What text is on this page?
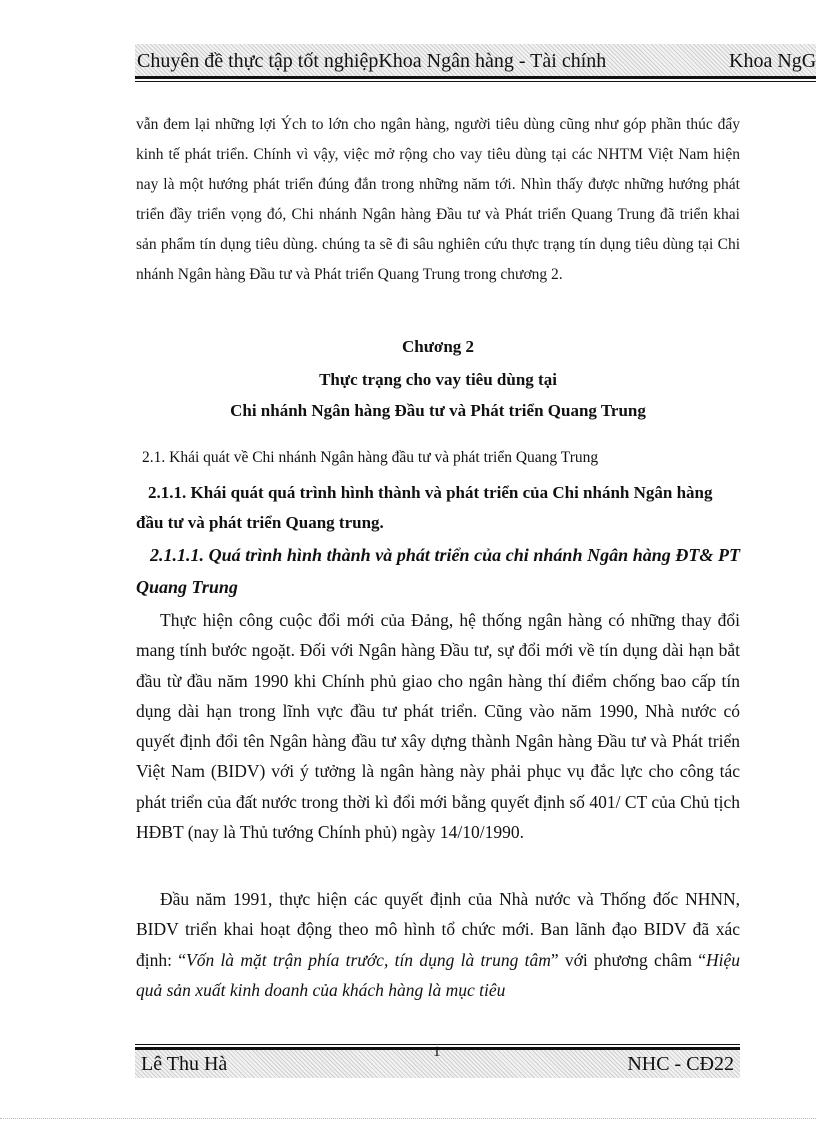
Chuyên đề thực tập tốt nghiệpKhoa Ngân hàng - Tài chính	Khoa NgG

vẫn đem lại những lợi Ých to lớn cho ngân hàng, người tiêu dùng cũng như góp phần thúc đẩy kinh tế phát triển. Chính vì vậy, việc mở rộng cho vay tiêu dùng tại các NHTM Việt Nam hiện nay là một hướng phát triển đúng đắn trong những năm tới. Nhìn thấy được những hướng phát triển đầy triển vọng đó, Chi nhánh Ngân hàng Đầu tư và Phát triển Quang Trung đã triển khai sản phẩm tín dụng tiêu dùng. chúng ta sẽ đi sâu nghiên cứu thực trạng tín dụng tiêu dùng tại Chi nhánh Ngân hàng Đầu tư và Phát triển Quang Trung trong chương 2.

Chương 2

Thực trạng cho vay tiêu dùng tại

Chi nhánh Ngân hàng Đầu tư và Phát triển Quang Trung

2.1. Khái quát về Chi nhánh Ngân hàng đầu tư và phát triển Quang Trung

2.1.1. Khái quát quá trình hình thành và phát triển của Chi nhánh Ngân hàng đầu tư và phát triển Quang trung.

2.1.1.1. Quá trình hình thành và phát triển của chi nhánh Ngân hàng ĐT& PT Quang Trung

Thực hiện công cuộc đổi mới của Đảng, hệ thống ngân hàng có những thay đổi mang tính bước ngoặt. Đối với Ngân hàng Đầu tư, sự đổi mới về tín dụng dài hạn bắt đầu từ đầu năm 1990 khi Chính phủ giao cho ngân hàng thí điểm chống bao cấp tín dụng dài hạn trong lĩnh vực đầu tư phát triển. Cũng vào năm 1990, Nhà nước có quyết định đổi tên Ngân hàng đầu tư xây dựng thành Ngân hàng Đầu tư và Phát triển Việt Nam (BIDV) với ý tưởng là ngân hàng này phải phục vụ đắc lực cho công tác phát triển của đất nước trong thời kì đổi mới bằng quyết định số 401/ CT của Chủ tịch HĐBT (nay là Thủ tướng Chính phủ) ngày 14/10/1990.

Đầu năm 1991, thực hiện các quyết định của Nhà nước và Thống đốc NHNN, BIDV triển khai hoạt động theo mô hình tổ chức mới. Ban lãnh đạo BIDV đã xác định: “Vốn là mặt trận phía trước, tín dụng là trung tâm” với phương châm “Hiệu quả sản xuất kinh doanh của khách hàng là mục tiêu

Lê Thu Hà
1
NHC - CĐ22
